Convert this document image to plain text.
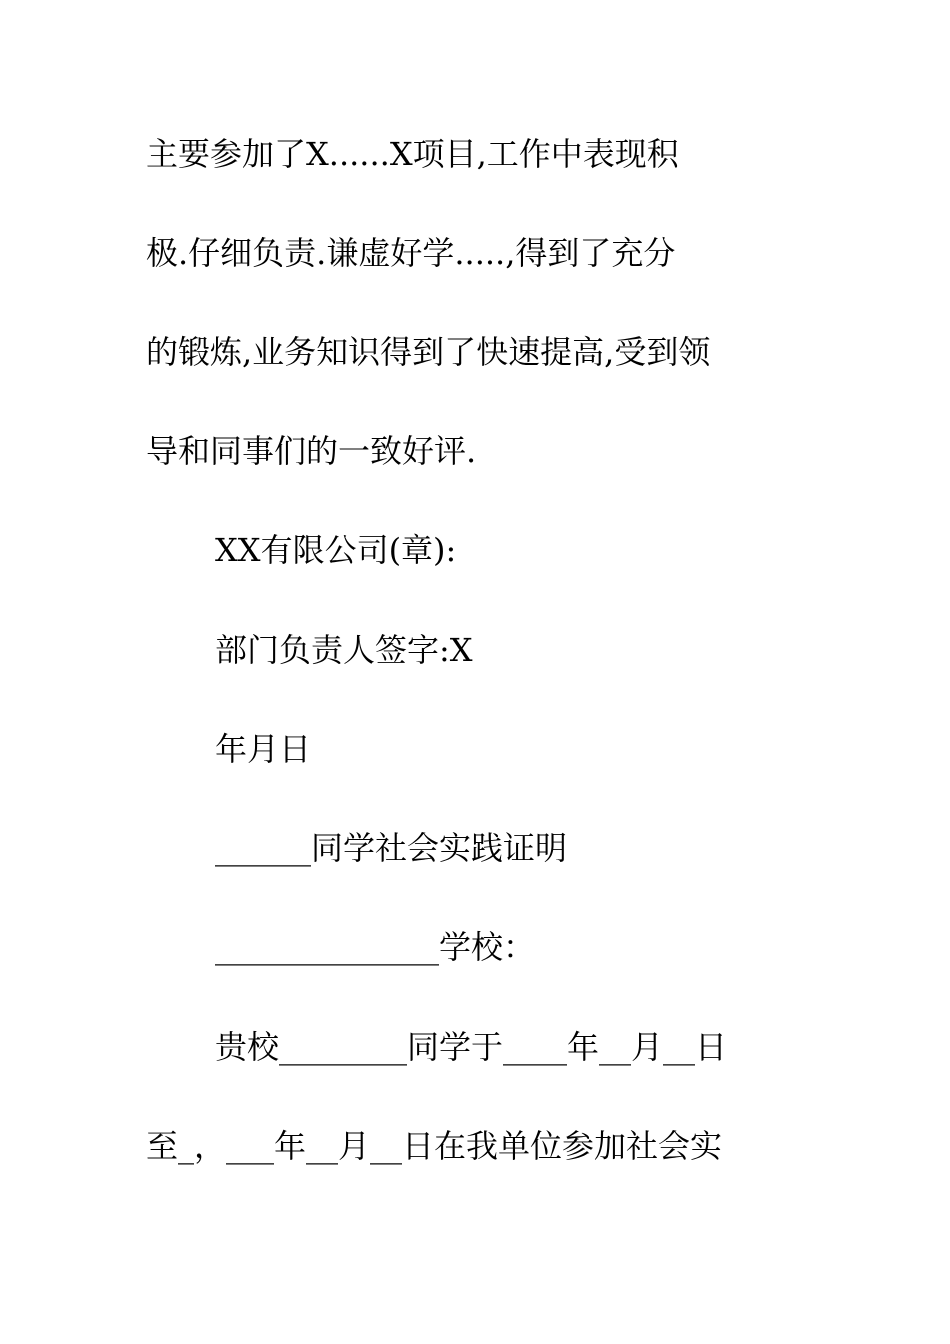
主要参加了X......X项目,工作中表现积
极.仔细负责.谦虚好学.....,得到了充分
的锻炼,业务知识得到了快速提高,受到领
导和同事们的一致好评.
XX有限公司(章):
部门负责人签字:X
年月日
______同学社会实践证明
______________学校：
贵校________同学于____年__月__日
至_，___年__月__日在我单位参加社会实
